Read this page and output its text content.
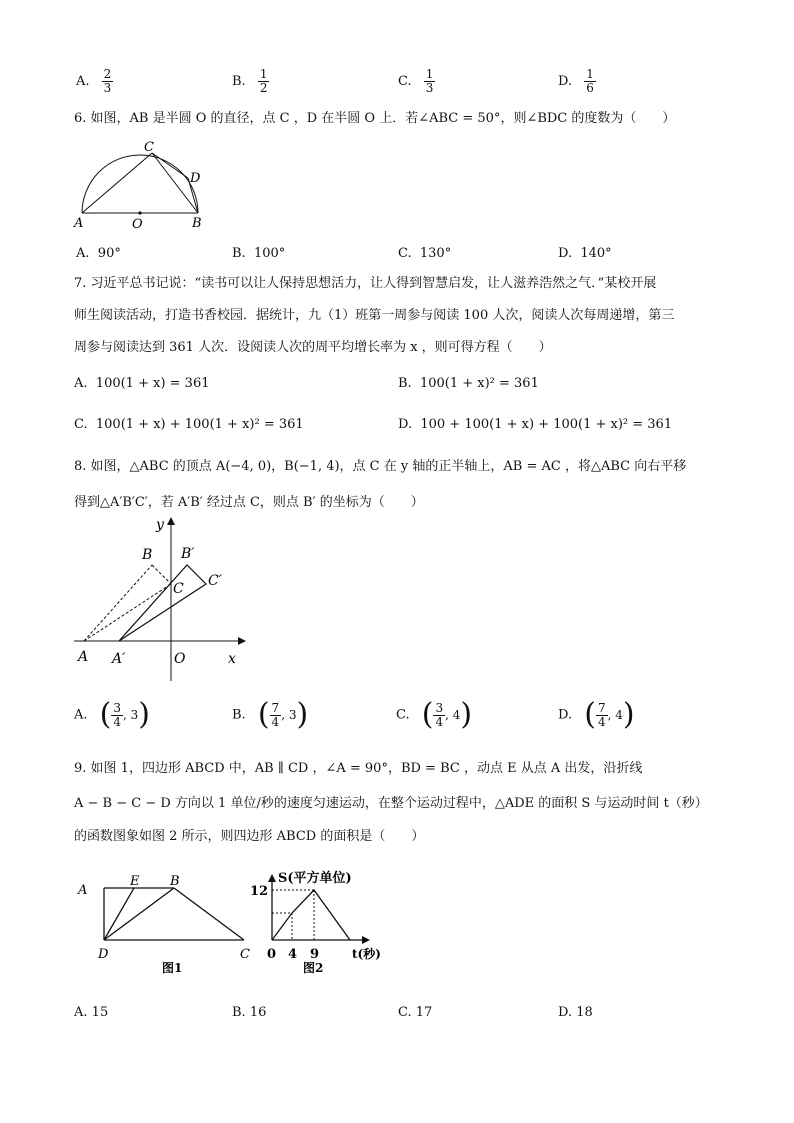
A. $\frac{2}{3}$	B. $\frac{1}{2}$	C. $\frac{1}{3}$	D. $\frac{1}{6}$
6. 如图，AB 是半圆 O 的直径，点 C ，D 在半圆 O 上．若∠ABC = 50°，则∠BDC 的度数为（　　）
A	O	B
C
D
A. 90°	B. 100°	C. 130°	D. 140°
7. 习近平总书记说：“读书可以让人保持思想活力，让人得到智慧启发，让人滋养浩然之气．”某校开展
师生阅读活动，打造书香校园．据统计，九（1）班第一周参与阅读 100 人次，阅读人次每周递增，第三
周参与阅读达到 361 人次．设阅读人次的周平均增长率为 x ，则可得方程（　　）
A. 100(1 + x) = 361	B. 100(1 + x)² = 361
C. 100(1 + x) + 100(1 + x)² = 361	D. 100 + 100(1 + x) + 100(1 + x)² = 361
8. 如图，△ABC 的顶点 A(−4, 0)，B(−1, 4)，点 C 在 y 轴的正半轴上，AB = AC ，将△ABC 向右平移
得到△A′B′C′，若 A′B′ 经过点 C，则点 B′ 的坐标为（　　）
A A′	O	x
y
B B′
C C′
A. ( $\frac{3}{4}$ , 3 )	B. ( $\frac{7}{4}$ , 3 )	C. ( $\frac{3}{4}$ , 4 )	D. ( $\frac{7}{4}$ , 4 )
9. 如图 1，四边形 ABCD 中，AB ∥ CD ，∠A = 90°，BD = BC ，动点 E 从点 A 出发，沿折线
A − B − C − D 方向以 1 单位/秒的速度匀速运动，在整个运动过程中，△ADE 的面积 S 与运动时间 t（秒）
的函数图象如图 2 所示，则四边形 ABCD 的面积是（　　）
A
E B
D	C
图1
S(平方单位)
12
0 4 9	t(秒)
图2
A. 15	B. 16	C. 17	D. 18
